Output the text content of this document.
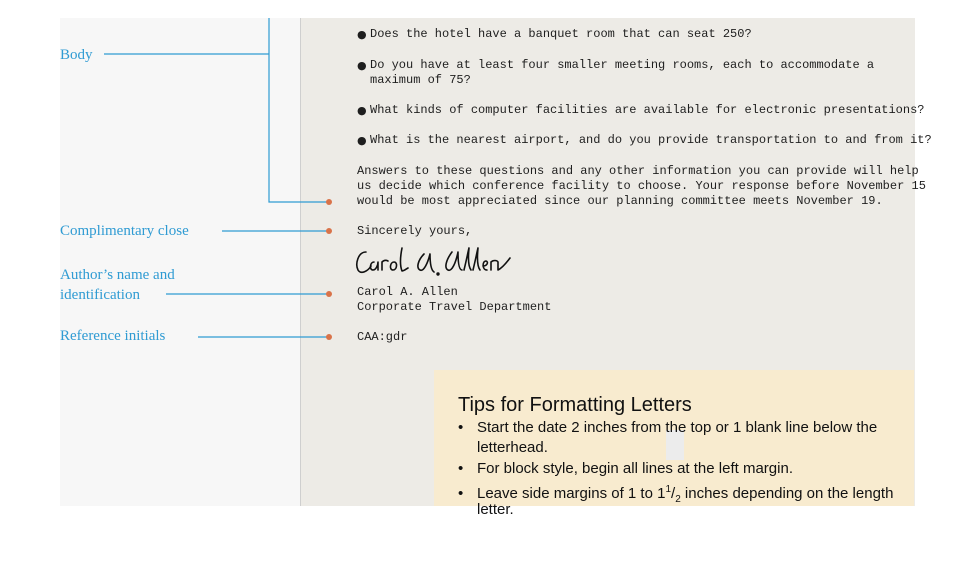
Body
Complimentary close
Author’s name and
identification
Reference initials
● Does the hotel have a banquet room that can seat 250?
● Do you have at least four smaller meeting rooms, each to accommodate a
maximum of 75?
● What kinds of computer facilities are available for electronic presentations?
● What is the nearest airport, and do you provide transportation to and from it?
Answers to these questions and any other information you can provide will help
us decide which conference facility to choose. Your response before November 15
would be most appreciated since our planning committee meets November 19.
Sincerely yours,
Carol A. Allen
Corporate Travel Department
CAA:gdr
Tips for Formatting Letters
• Start the date 2 inches from the top or 1 blank line below the
letterhead.
• For block style, begin all lines at the left margin.
• Leave side margins of 1 to $1^1/_2$ inches depending on the length
letter.
